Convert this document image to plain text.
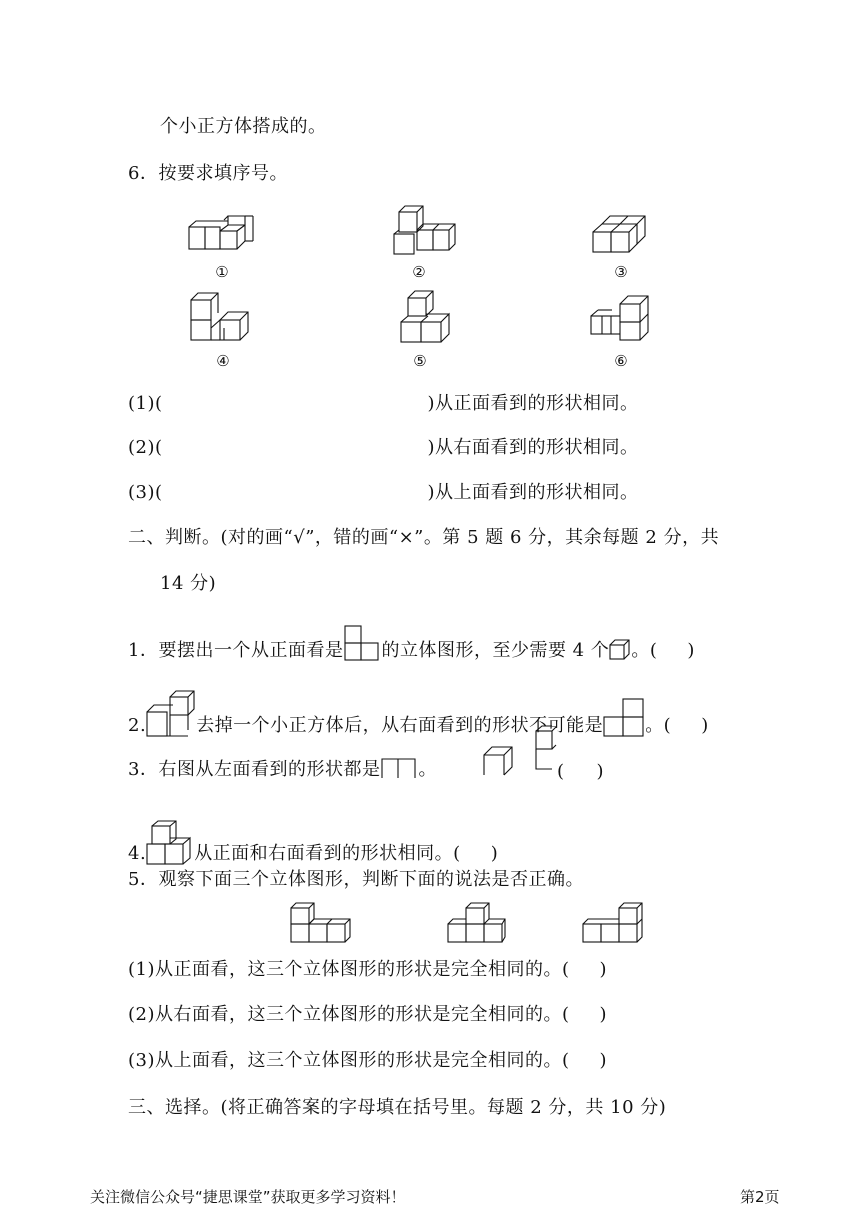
个小正方体搭成的。
6．按要求填序号。
①	②	③
④	⑤	⑥
(1)(	)从正面看到的形状相同。
(2)(	)从右面看到的形状相同。
(3)(	)从上面看到的形状相同。
二、判断。(对的画“√”，错的画“×”。第 5 题 6 分，其余每题 2 分，共
14 分)
1．要摆出一个从正面看是 的立体图形，至少需要 4 个 。( )
2.	去掉一个小正方体后，从右面看到的形状不可能是 。( )
3．右图从左面看到的形状都是 。	( )
4.	从正面和右面看到的形状相同。( )
5．观察下面三个立体图形，判断下面的说法是否正确。
(1)从正面看，这三个立体图形的形状是完全相同的。( )
(2)从右面看，这三个立体图形的形状是完全相同的。( )
(3)从上面看，这三个立体图形的形状是完全相同的。( )
三、选择。(将正确答案的字母填在括号里。每题 2 分，共 10 分)
关注微信公众号“捷思课堂”获取更多学习资料！	第2页
